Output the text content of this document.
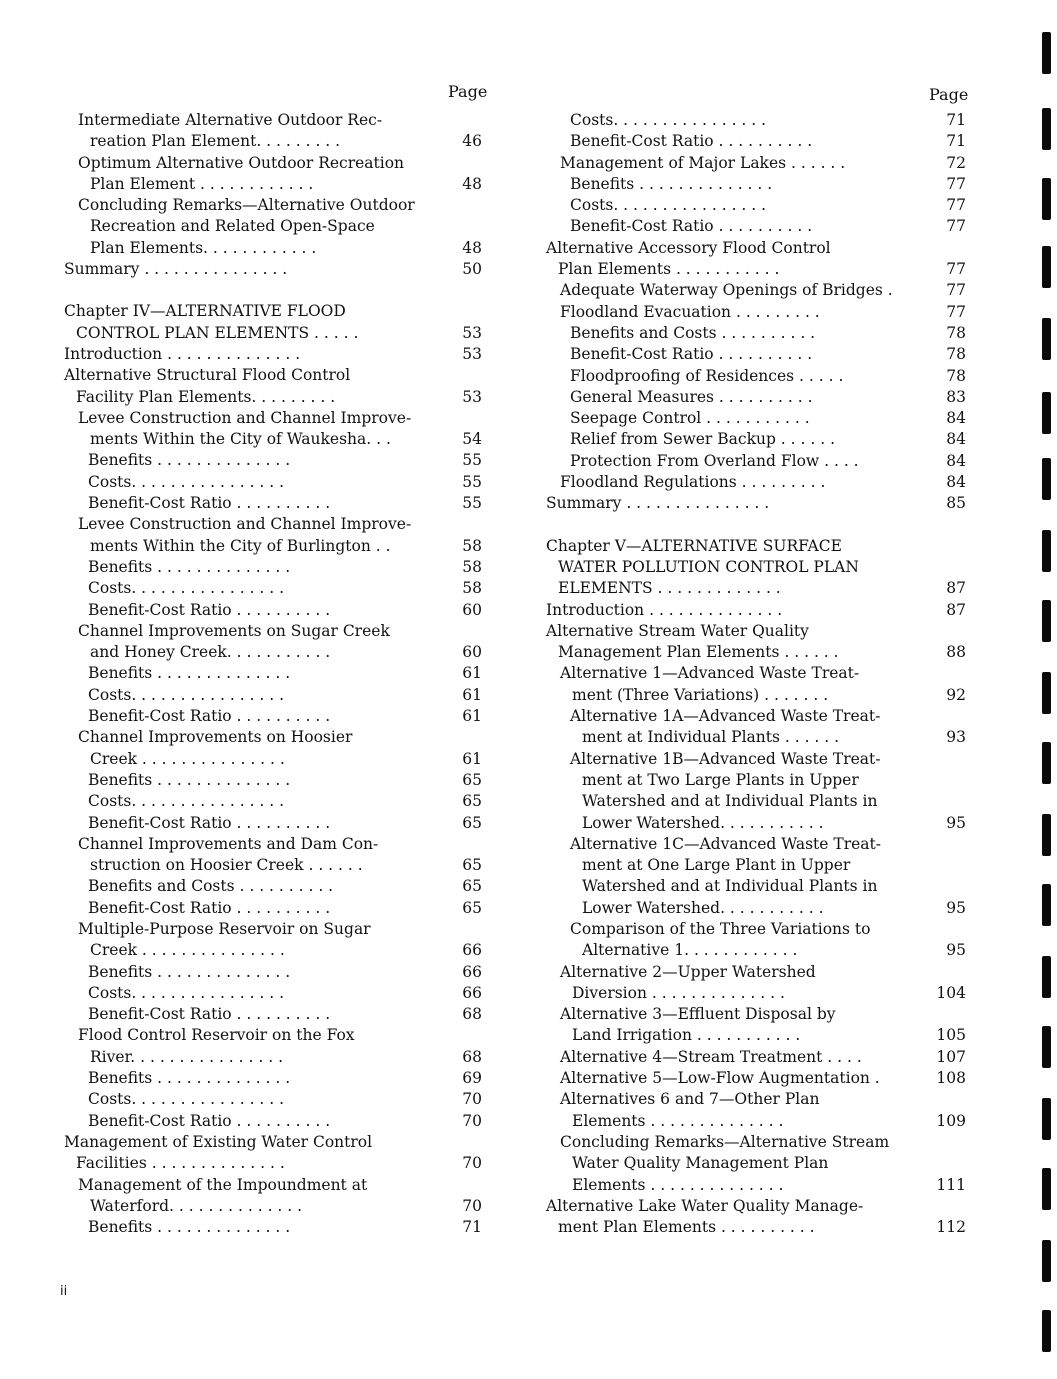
Page
Intermediate Alternative Outdoor Rec-
reation Plan Element. . . . . . . . .	46
Optimum Alternative Outdoor Recreation
Plan Element . . . . . . . . . . . .	48
Concluding Remarks—Alternative Outdoor
Recreation and Related Open-Space
Plan Elements. . . . . . . . . . . .	48
Summary . . . . . . . . . . . . . . .	50
Chapter IV—ALTERNATIVE FLOOD
CONTROL PLAN ELEMENTS . . . . .	53
Introduction . . . . . . . . . . . . . .	53
Alternative Structural Flood Control
Facility Plan Elements. . . . . . . . .	53
Levee Construction and Channel Improve-
ments Within the City of Waukesha. . .	54
Benefits . . . . . . . . . . . . . .	55
Costs. . . . . . . . . . . . . . . .	55
Benefit-Cost Ratio . . . . . . . . . .	55
Levee Construction and Channel Improve-
ments Within the City of Burlington . .	58
Benefits . . . . . . . . . . . . . .	58
Costs. . . . . . . . . . . . . . . .	58
Benefit-Cost Ratio . . . . . . . . . .	60
Channel Improvements on Sugar Creek
and Honey Creek. . . . . . . . . . .	60
Benefits . . . . . . . . . . . . . .	61
Costs. . . . . . . . . . . . . . . .	61
Benefit-Cost Ratio . . . . . . . . . .	61
Channel Improvements on Hoosier
Creek . . . . . . . . . . . . . . .	61
Benefits . . . . . . . . . . . . . .	65
Costs. . . . . . . . . . . . . . . .	65
Benefit-Cost Ratio . . . . . . . . . .	65
Channel Improvements and Dam Con-
struction on Hoosier Creek . . . . . .	65
Benefits and Costs . . . . . . . . . .	65
Benefit-Cost Ratio . . . . . . . . . .	65
Multiple-Purpose Reservoir on Sugar
Creek . . . . . . . . . . . . . . .	66
Benefits . . . . . . . . . . . . . .	66
Costs. . . . . . . . . . . . . . . .	66
Benefit-Cost Ratio . . . . . . . . . .	68
Flood Control Reservoir on the Fox
River. . . . . . . . . . . . . . . .	68
Benefits . . . . . . . . . . . . . .	69
Costs. . . . . . . . . . . . . . . .	70
Benefit-Cost Ratio . . . . . . . . . .	70
Management of Existing Water Control
Facilities . . . . . . . . . . . . . .	70
Management of the Impoundment at
Waterford. . . . . . . . . . . . . .	70
Benefits . . . . . . . . . . . . . .	71
Page
Costs. . . . . . . . . . . . . . . .	71
Benefit-Cost Ratio . . . . . . . . . .	71
Management of Major Lakes . . . . . .	72
Benefits . . . . . . . . . . . . . .	77
Costs. . . . . . . . . . . . . . . .	77
Benefit-Cost Ratio . . . . . . . . . .	77
Alternative Accessory Flood Control
Plan Elements . . . . . . . . . . .	77
Adequate Waterway Openings of Bridges .	77
Floodland Evacuation . . . . . . . . .	77
Benefits and Costs . . . . . . . . . .	78
Benefit-Cost Ratio . . . . . . . . . .	78
Floodproofing of Residences . . . . .	78
General Measures . . . . . . . . . .	83
Seepage Control . . . . . . . . . . .	84
Relief from Sewer Backup . . . . . .	84
Protection From Overland Flow . . . .	84
Floodland Regulations . . . . . . . . .	84
Summary . . . . . . . . . . . . . . .	85
Chapter V—ALTERNATIVE SURFACE
WATER POLLUTION CONTROL PLAN
ELEMENTS . . . . . . . . . . . . .	87
Introduction . . . . . . . . . . . . . .	87
Alternative Stream Water Quality
Management Plan Elements . . . . . .	88
Alternative 1—Advanced Waste Treat-
ment (Three Variations) . . . . . . .	92
Alternative 1A—Advanced Waste Treat-
ment at Individual Plants . . . . . .	93
Alternative 1B—Advanced Waste Treat-
ment at Two Large Plants in Upper
Watershed and at Individual Plants in
Lower Watershed. . . . . . . . . . .	95
Alternative 1C—Advanced Waste Treat-
ment at One Large Plant in Upper
Watershed and at Individual Plants in
Lower Watershed. . . . . . . . . . .	95
Comparison of the Three Variations to
Alternative 1. . . . . . . . . . . .	95
Alternative 2—Upper Watershed
Diversion . . . . . . . . . . . . . .	104
Alternative 3—Effluent Disposal by
Land Irrigation . . . . . . . . . . .	105
Alternative 4—Stream Treatment . . . .	107
Alternative 5—Low-Flow Augmentation .	108
Alternatives 6 and 7—Other Plan
Elements . . . . . . . . . . . . . .	109
Concluding Remarks—Alternative Stream
Water Quality Management Plan
Elements . . . . . . . . . . . . . .	111
Alternative Lake Water Quality Manage-
ment Plan Elements . . . . . . . . . .	112
ii
